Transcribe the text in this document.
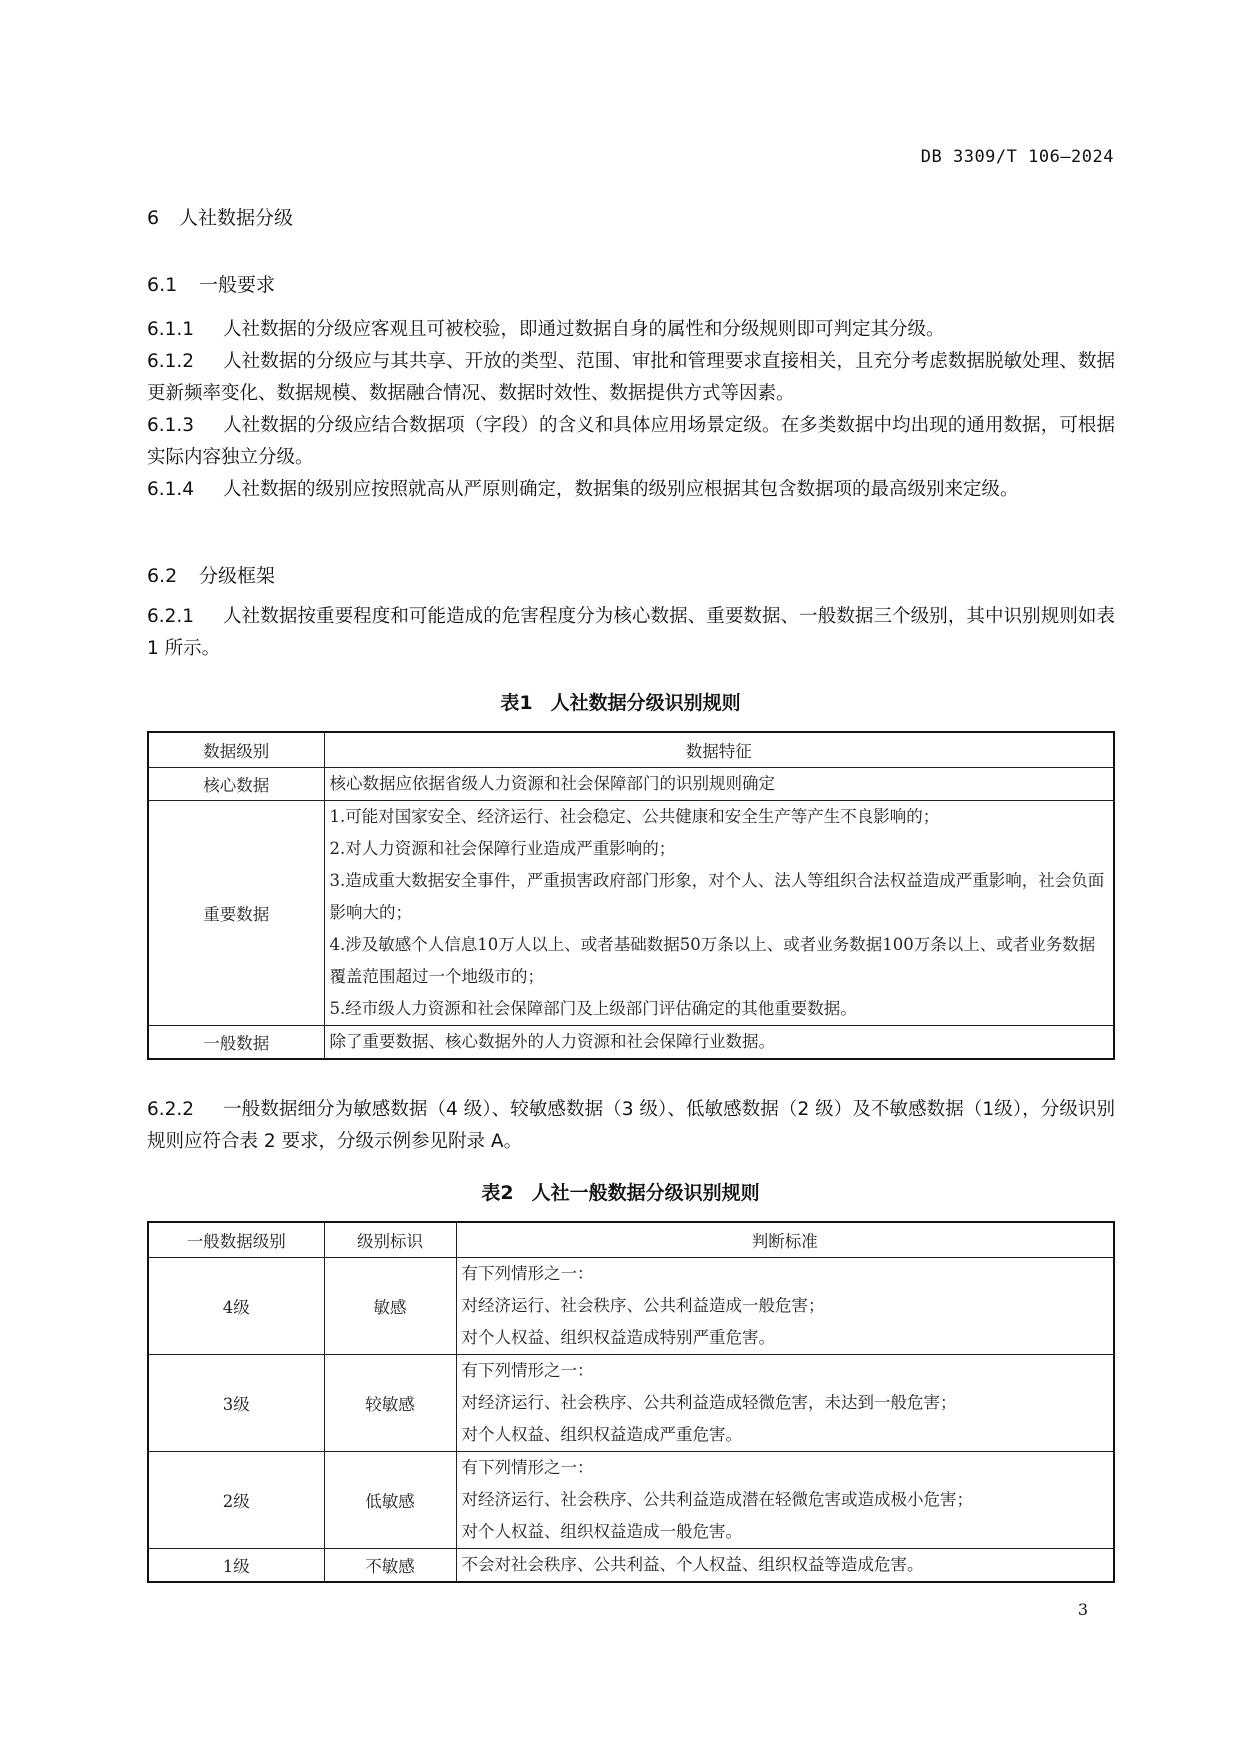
DB 3309/T 106—2024
6 人社数据分级
6.1 一般要求
6.1.1 人社数据的分级应客观且可被校验，即通过数据自身的属性和分级规则即可判定其分级。
6.1.2 人社数据的分级应与其共享、开放的类型、范围、审批和管理要求直接相关，且充分考虑数据脱敏处理、数据更新频率变化、数据规模、数据融合情况、数据时效性、数据提供方式等因素。
6.1.3 人社数据的分级应结合数据项（字段）的含义和具体应用场景定级。在多类数据中均出现的通用数据，可根据实际内容独立分级。
6.1.4 人社数据的级别应按照就高从严原则确定，数据集的级别应根据其包含数据项的最高级别来定级。
6.2 分级框架
6.2.1 人社数据按重要程度和可能造成的危害程度分为核心数据、重要数据、一般数据三个级别，其中识别规则如表 1 所示。
表1 人社数据分级识别规则
数据级别	数据特征
核心数据	核心数据应依据省级人力资源和社会保障部门的识别规则确定

重要数据	1.可能对国家安全、经济运行、社会稳定、公共健康和安全生产等产生不良影响的；
2.对人力资源和社会保障行业造成严重影响的；
3.造成重大数据安全事件，严重损害政府部门形象，对个人、法人等组织合法权益造成严重影响，社会负面影响大的；
4.涉及敏感个人信息10万人以上、或者基础数据50万条以上、或者业务数据100万条以上、或者业务数据覆盖范围超过一个地级市的；
5.经市级人力资源和社会保障部门及上级部门评估确定的其他重要数据。

一般数据	除了重要数据、核心数据外的人力资源和社会保障行业数据。
6.2.2 一般数据细分为敏感数据（4 级）、较敏感数据（3 级）、低敏感数据（2 级）及不敏感数据（1级），分级识别规则应符合表 2 要求，分级示例参见附录 A。
表2 人社一般数据分级识别规则
一般数据级别	级别标识	判断标准
4级	敏感	有下列情形之一：
对经济运行、社会秩序、公共利益造成一般危害；
对个人权益、组织权益造成特别严重危害。

3级	较敏感	有下列情形之一：
对经济运行、社会秩序、公共利益造成轻微危害，未达到一般危害；
对个人权益、组织权益造成严重危害。

2级	低敏感	有下列情形之一：
对经济运行、社会秩序、公共利益造成潜在轻微危害或造成极小危害；
对个人权益、组织权益造成一般危害。

1级	不敏感	不会对社会秩序、公共利益、个人权益、组织权益等造成危害。
3
